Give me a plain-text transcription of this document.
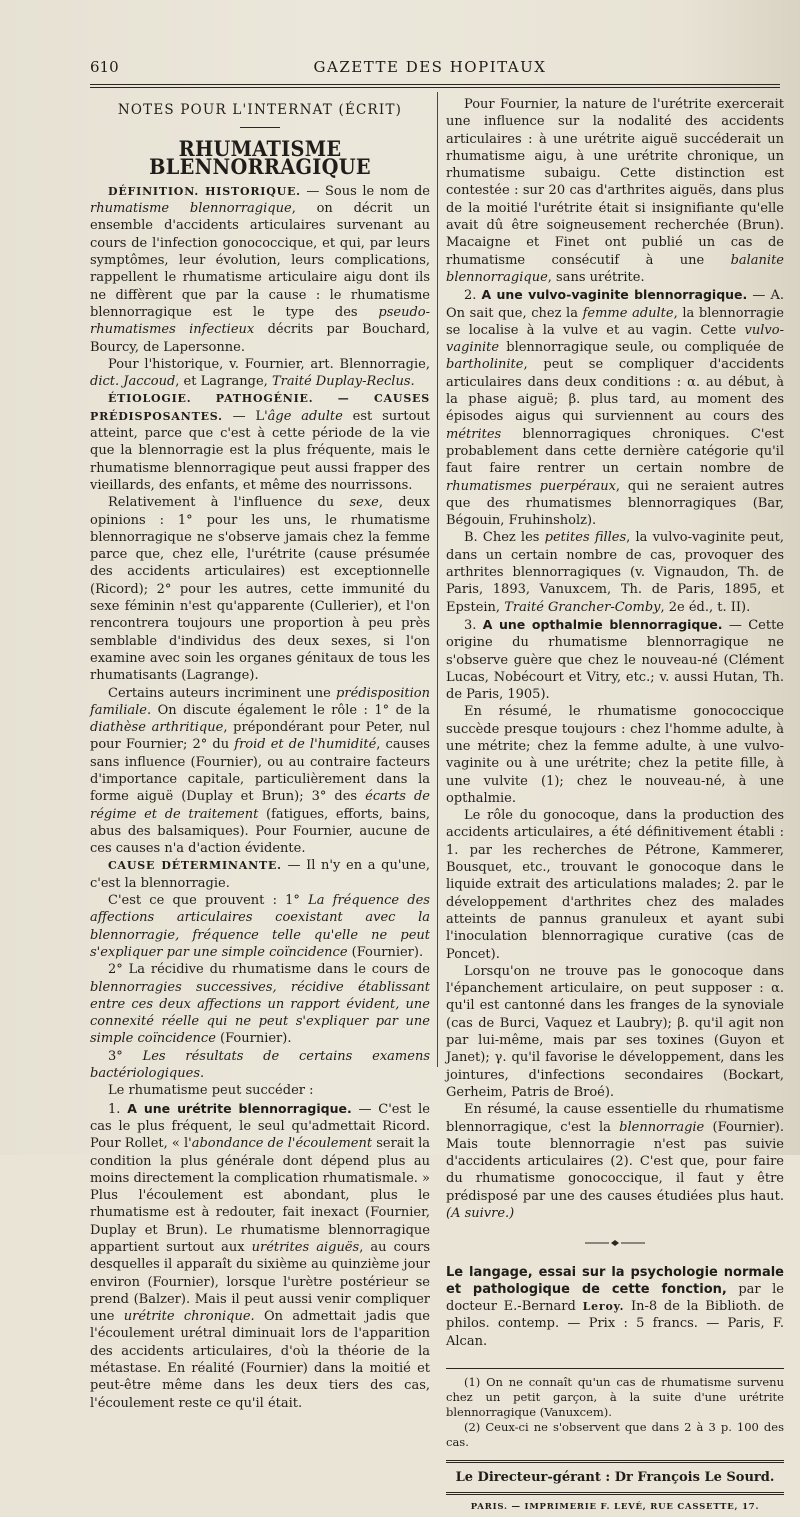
610	GAZETTE DES HOPITAUX
NOTES POUR L'INTERNAT (ÉCRIT)
RHUMATISME BLENNORRAGIQUE

DÉFINITION. HISTORIQUE. — Sous le nom de rhumatisme blennorragique, on décrit un ensemble d'accidents articulaires survenant au cours de l'infection gonococcique, et qui, par leurs symptômes, leur évolution, leurs complications, rappellent le rhumatisme articulaire aigu dont ils ne diffèrent que par la cause : le rhumatisme blennorragique est le type des pseudo-rhumatismes infectieux décrits par Bouchard, Bourcy, de Lapersonne.

Pour l'historique, v. Fournier, art. Blennorragie, dict. Jaccoud, et Lagrange, Traité Duplay-Reclus.

ÉTIOLOGIE. PATHOGÉNIE. — CAUSES PRÉDISPOSANTES. — L'âge adulte est surtout atteint, parce que c'est à cette période de la vie que la blennorragie est la plus fréquente, mais le rhumatisme blennorragique peut aussi frapper des vieillards, des enfants, et même des nourrissons.

Relativement à l'influence du sexe, deux opinions : 1° pour les uns, le rhumatisme blennorragique ne s'observe jamais chez la femme parce que, chez elle, l'urétrite (cause présumée des accidents articulaires) est exceptionnelle (Ricord); 2° pour les autres, cette immunité du sexe féminin n'est qu'apparente (Cullerier), et l'on rencontrera toujours une proportion à peu près semblable d'individus des deux sexes, si l'on examine avec soin les organes génitaux de tous les rhumatisants (Lagrange).

Certains auteurs incriminent une prédisposition familiale. On discute également le rôle : 1° de la diathèse arthritique, prépondérant pour Peter, nul pour Fournier; 2° du froid et de l'humidité, causes sans influence (Fournier), ou au contraire facteurs d'importance capitale, particulièrement dans la forme aiguë (Duplay et Brun); 3° des écarts de régime et de traitement (fatigues, efforts, bains, abus des balsamiques). Pour Fournier, aucune de ces causes n'a d'action évidente.

CAUSE DÉTERMINANTE. — Il n'y en a qu'une, c'est la blennorragie.

C'est ce que prouvent : 1° La fréquence des affections articulaires coexistant avec la blennorragie, fréquence telle qu'elle ne peut s'expliquer par une simple coïncidence (Fournier).

2° La récidive du rhumatisme dans le cours de blennorragies successives, récidive établissant entre ces deux affections un rapport évident, une connexité réelle qui ne peut s'expliquer par une simple coïncidence (Fournier).

3° Les résultats de certains examens bactériologiques.

Le rhumatisme peut succéder :

1. A une urétrite blennorragique. — C'est le cas le plus fréquent, le seul qu'admettait Ricord. Pour Rollet, « l'abondance de l'écoulement serait la condition la plus générale dont dépend plus au moins directement la complication rhumatismale. » Plus l'écoulement est abondant, plus le rhumatisme est à redouter, fait inexact (Fournier, Duplay et Brun). Le rhumatisme blennorragique appartient surtout aux urétrites aiguës, au cours desquelles il apparaît du sixième au quinzième jour environ (Fournier), lorsque l'urètre postérieur se prend (Balzer). Mais il peut aussi venir compliquer une urétrite chronique. On admettait jadis que l'écoulement urétral diminuait lors de l'apparition des accidents articulaires, d'où la théorie de la métastase. En réalité (Fournier) dans la moitié et peut-être même dans les deux tiers des cas, l'écoulement reste ce qu'il était.

Pour Fournier, la nature de l'urétrite exercerait une influence sur la nodalité des accidents articulaires : à une urétrite aiguë succéderait un rhumatisme aigu, à une urétrite chronique, un rhumatisme subaigu. Cette distinction est contestée : sur 20 cas d'arthrites aiguës, dans plus de la moitié l'urétrite était si insignifiante qu'elle avait dû être soigneusement recherchée (Brun). Macaigne et Finet ont publié un cas de rhumatisme consécutif à une balanite blennorragique, sans urétrite.

2. A une vulvo-vaginite blennorragique. — A. On sait que, chez la femme adulte, la blennorragie se localise à la vulve et au vagin. Cette vulvo-vaginite blennorragique seule, ou compliquée de bartholinite, peut se compliquer d'accidents articulaires dans deux conditions : α. au début, à la phase aiguë; β. plus tard, au moment des épisodes aigus qui surviennent au cours des métrites blennorragiques chroniques. C'est probablement dans cette dernière catégorie qu'il faut faire rentrer un certain nombre de rhumatismes puerpéraux, qui ne seraient autres que des rhumatismes blennorragiques (Bar, Bégouin, Fruhinsholz).

B. Chez les petites filles, la vulvo-vaginite peut, dans un certain nombre de cas, provoquer des arthrites blennorragiques (v. Vignaudon, Th. de Paris, 1893, Vanuxcem, Th. de Paris, 1895, et Epstein, Traité Grancher-Comby, 2e éd., t. II).

3. A une opthalmie blennorragique. — Cette origine du rhumatisme blennorragique ne s'observe guère que chez le nouveau-né (Clément Lucas, Nobécourt et Vitry, etc.; v. aussi Hutan, Th. de Paris, 1905).

En résumé, le rhumatisme gonococcique succède presque toujours : chez l'homme adulte, à une métrite; chez la femme adulte, à une vulvo-vaginite ou à une urétrite; chez la petite fille, à une vulvite (1); chez le nouveau-né, à une opthalmie.

Le rôle du gonocoque, dans la production des accidents articulaires, a été définitivement établi : 1. par les recherches de Pétrone, Kammerer, Bousquet, etc., trouvant le gonocoque dans le liquide extrait des articulations malades; 2. par le développement d'arthrites chez des malades atteints de pannus granuleux et ayant subi l'inoculation blennorragique curative (cas de Poncet).

Lorsqu'on ne trouve pas le gonocoque dans l'épanchement articulaire, on peut supposer : α. qu'il est cantonné dans les franges de la synoviale (cas de Burci, Vaquez et Laubry); β. qu'il agit non par lui-même, mais par ses toxines (Guyon et Janet); γ. qu'il favorise le développement, dans les jointures, d'infections secondaires (Bockart, Gerheim, Patris de Broé).

En résumé, la cause essentielle du rhumatisme blennorragique, c'est la blennorragie (Fournier). Mais toute blennorragie n'est pas suivie d'accidents articulaires (2). C'est que, pour faire du rhumatisme gonococcique, il faut y être prédisposé par une des causes étudiées plus haut. (A suivre.)

Le langage, essai sur la psychologie normale et pathologique de cette fonction, par le docteur E.-Bernard Leroy. In-8 de la Biblioth. de philos. contemp. — Prix : 5 francs. — Paris, F. Alcan.

(1) On ne connaît qu'un cas de rhumatisme survenu chez un petit garçon, à la suite d'une urétrite blennorragique (Vanuxcem).

(2) Ceux-ci ne s'observent que dans 2 à 3 p. 100 des cas.

Le Directeur-gérant : Dr François Le Sourd.
PARIS. — IMPRIMERIE F. LEVÉ, RUE CASSETTE, 17.
